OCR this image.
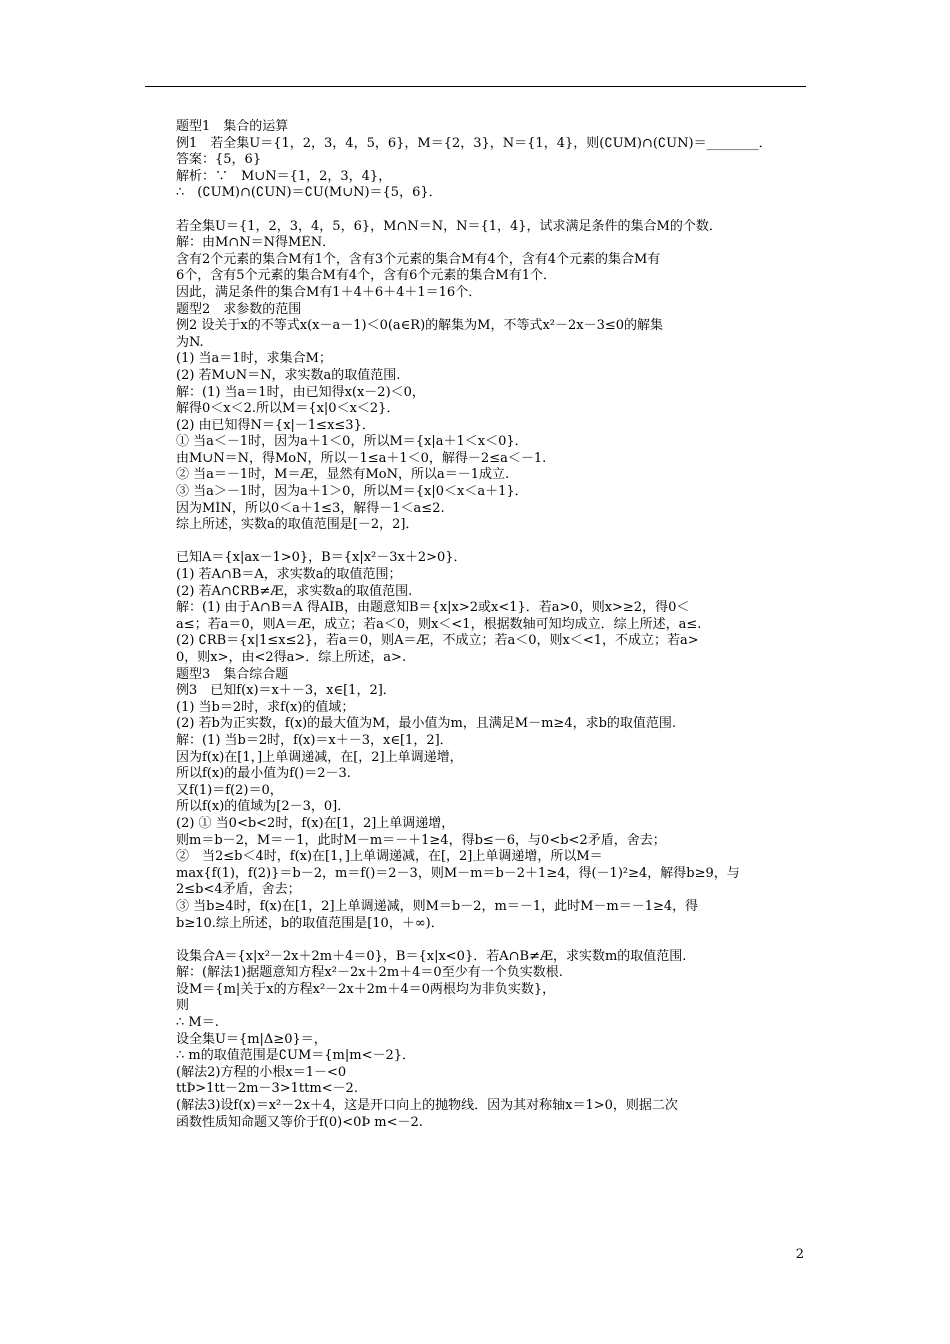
题型1　集合的运算
例1　若全集U＝{1，2，3，4，5，6}，M＝{2，3}，N＝{1，4}，则(∁UM)∩(∁UN)＝________．
答案：{5，6}
解析：∵　M∪N＝{1，2，3，4}，
∴　(∁UM)∩(∁UN)＝∁U(M∪N)＝{5，6}．
若全集U＝{1，2，3，4，5，6}，M∩N＝N，N＝{1，4}，试求满足条件的集合M的个数．
解：由M∩N＝N得MËN．
含有2个元素的集合M有1个，含有3个元素的集合M有4个，含有4个元素的集合M有
6个，含有5个元素的集合M有4个，含有6个元素的集合M有1个．
因此，满足条件的集合M有1＋4＋6＋4＋1＝16个．
题型2　求参数的范围
例2 设关于x的不等式x(x－a－1)＜0(a∈R)的解集为M，不等式x²－2x－3≤0的解集
为N.
(1) 当a＝1时，求集合M；
(2) 若M∪N＝N，求实数a的取值范围.
解：(1) 当a＝1时，由已知得x(x－2)＜0，
解得0＜x＜2.所以M＝{x|0＜x＜2}．
(2) 由已知得N＝{x|－1≤x≤3}．
① 当a＜－1时，因为a＋1＜0，所以M＝{x|a＋1＜x＜0}．
由M∪N＝N，得MoN，所以－1≤a＋1＜0，解得－2≤a＜－1.
② 当a＝－1时，M＝Æ，显然有MoN，所以a＝－1成立.
③ 当a＞－1时，因为a＋1＞0，所以M＝{x|0＜x＜a＋1}．
因为MÍN，所以0＜a＋1≤3，解得－1＜a≤2.
综上所述，实数a的取值范围是[－2，2]．
已知A＝{x|ax－1>0}，B＝{x|x²－3x＋2>0}．
(1) 若A∩B＝A，求实数a的取值范围；
(2) 若A∩∁RB≠Æ，求实数a的取值范围.
解：(1) 由于A∩B＝A 得AÍB，由题意知B＝{x|x>2或x<1}．若a>0，则x>≥2，得0＜
a≤；若a＝0，则A＝Æ，成立；若a＜0，则x＜<1，根据数轴可知均成立．综上所述，a≤.
(2) ∁RB＝{x|1≤x≤2}，若a＝0，则A＝Æ，不成立；若a＜0，则x＜<1，不成立；若a>
0，则x>，由<2得a>．综上所述，a>.
题型3　集合综合题
例3　已知f(x)＝x＋－3，x∈[1，2]．
(1) 当b＝2时，求f(x)的值域；
(2) 若b为正实数，f(x)的最大值为M，最小值为m，且满足M－m≥4，求b的取值范围.
解：(1) 当b＝2时，f(x)＝x＋－3，x∈[1，2]．
因为f(x)在[1，]上单调递减，在[，2]上单调递增，
所以f(x)的最小值为f()＝2－3.
又f(1)＝f(2)＝0，
所以f(x)的值域为[2－3，0]．
(2) ① 当0<b<2时，f(x)在[1，2]上单调递增，
则m＝b－2，M＝－1，此时M－m＝－＋1≥4，得b≤－6，与0<b<2矛盾，舍去；
②　当2≤b＜4时，f(x)在[1，]上单调递减，在[，2]上单调递增，所以M＝
max{f(1)，f(2)}＝b－2，m＝f()＝2－3，则M－m＝b－2＋1≥4，得(－1)²≥4，解得b≥9，与
2≤b<4矛盾，舍去；
③ 当b≥4时，f(x)在[1，2]上单调递减，则M＝b－2，m＝－1，此时M－m＝－1≥4，得
b≥10.综上所述，b的取值范围是[10，＋∞)．
设集合A＝{x|x²－2x＋2m＋4＝0}，B＝{x|x<0}．若A∩B≠Æ，求实数m的取值范围.
解：(解法1)据题意知方程x²－2x＋2m＋4＝0至少有一个负实数根.
设M＝{m|关于x的方程x²－2x＋2m＋4＝0两根均为非负实数}，
则
∴ M＝.
设全集U＝{m|Δ≥0}＝，
∴ m的取值范围是∁UM＝{m|m<－2}．
(解法2)方程的小根x＝1－<0
ttÞ>1tt－2m－3>1ttm<－2.
(解法3)设f(x)＝x²－2x＋4，这是开口向上的抛物线．因为其对称轴x＝1>0，则据二次
函数性质知命题又等价于f(0)<0Þ m<－2.
2
